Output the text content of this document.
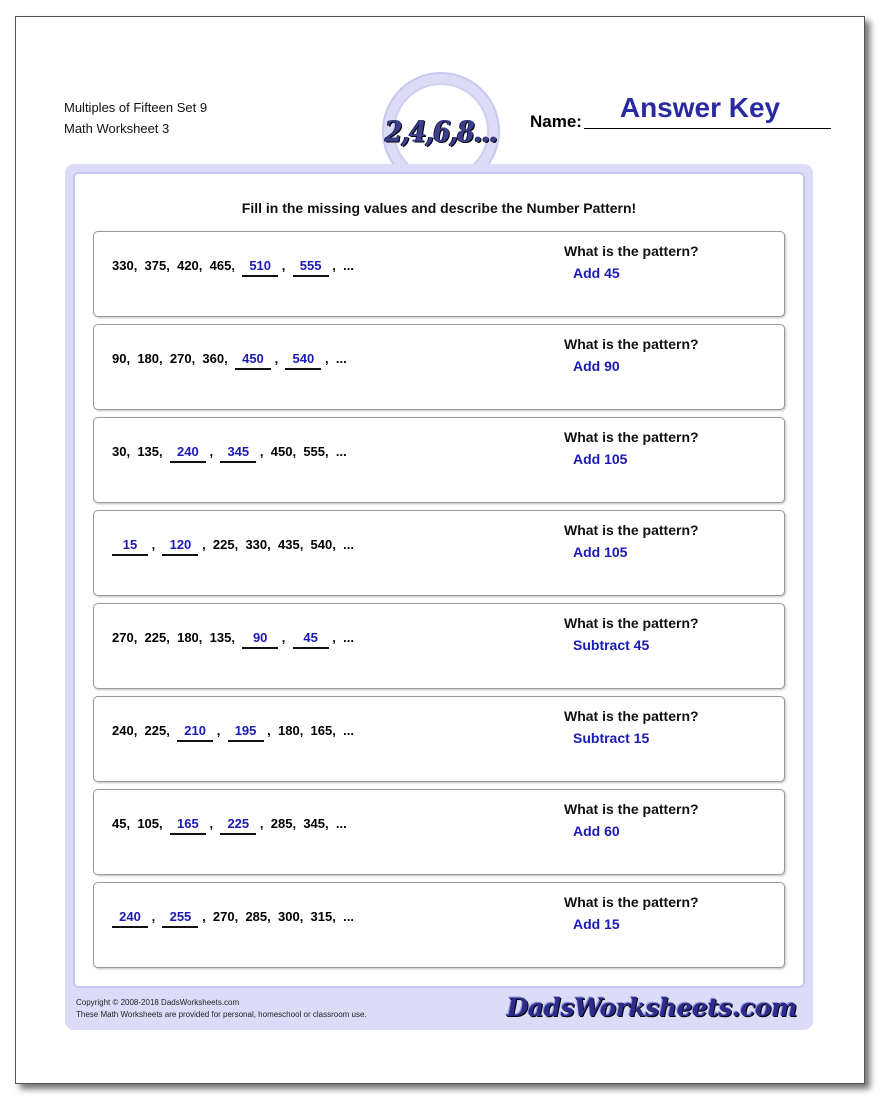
Multiples of Fifteen Set 9
Math Worksheet 3	2,4,6,8... Name:	Answer Key
Fill in the missing values and describe the Number Pattern!
330 , 375 , 420 , 465 , 510 , 555 , ...
What is the pattern?
Add 45
90 , 180 , 270 , 360 , 450 , 540 , ...
What is the pattern?
Add 90
30 , 135 , 240 , 345 , 450 , 555 , ...
What is the pattern?
Add 105
15 , 120 , 225 , 330 , 435 , 540 , ...
What is the pattern?
Add 105
270 , 225 , 180 , 135 , 90 , 45 , ...
What is the pattern?
Subtract 45
240 , 225 , 210 , 195 , 180 , 165 , ...
What is the pattern?
Subtract 15
45 , 105 , 165 , 225 , 285 , 345 , ...
What is the pattern?
Add 60
240 , 255 , 270 , 285 , 300 , 315 , ...
What is the pattern?
Add 15
Copyright © 2008-2018 DadsWorksheets.com
These Math Worksheets are provided for personal, homeschool or classroom use.	DadsWorksheets.com
